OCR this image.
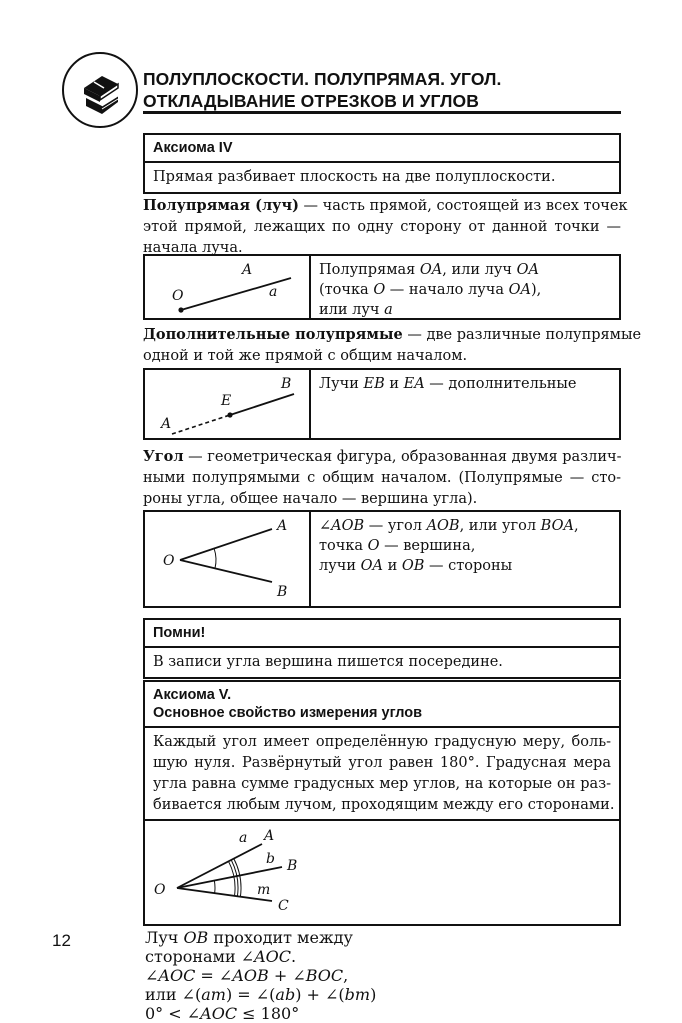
ПОЛУПЛОСКОСТИ. ПОЛУПРЯМАЯ. УГОЛ.
ОТКЛАДЫВАНИЕ ОТРЕЗКОВ И УГЛОВ
Аксиома IV
Прямая разбивает плоскость на две полуплоскости.
Полупрямая (луч) — часть прямой, состоящей из всех точек
этой прямой, лежащих по одну сторону от данной точки —
начала луча.
A
a
O
Полупрямая OA, или луч OA
(точка O — начало луча OA),
или луч a
Дополнительные полупрямые — две различные полупрямые
одной и той же прямой с общим началом.
B
E
A
Лучи EB и EA — дополнительные
Угол — геометрическая фигура, образованная двумя различ-
ными полупрямыми с общим началом. (Полупрямые — сто-
роны угла, общее начало — вершина угла).
O
A
B
∠AOB — угол AOB, или угол BOA,
точка O — вершина,
лучи OA и OB — стороны
Помни!
В записи угла вершина пишется посередине.
Аксиома V.
Основное свойство измерения углов
Каждый угол имеет определённую градусную меру, боль-
шую нуля. Развёрнутый угол равен 180°. Градусная мера
угла равна сумме градусных мер углов, на которые он раз-
бивается любым лучом, проходящим между его сторонами.
O
a A
b B
m
C
Луч OB проходит между
сторонами ∠AOC.
∠AOC = ∠AOB + ∠BOC,
или ∠(am) = ∠(ab) + ∠(bm)
0° < ∠AOC ≤ 180°
12
